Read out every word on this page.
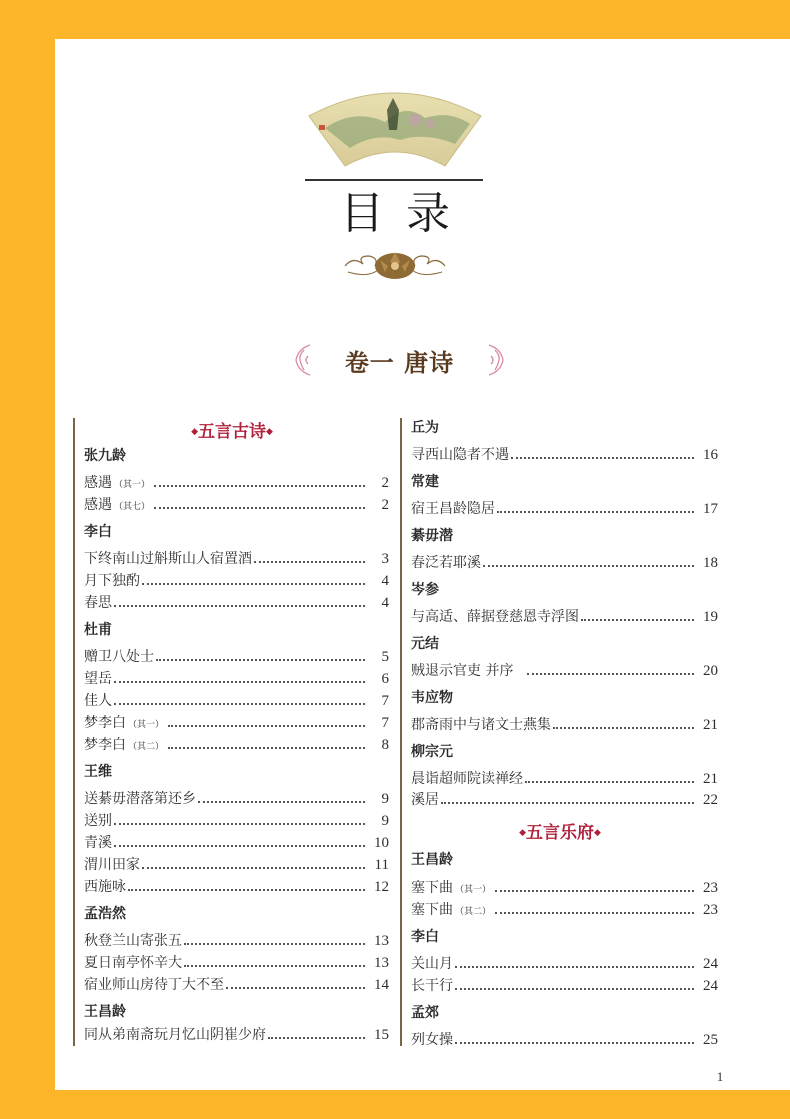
目录
卷一 唐诗
◆五言古诗◆
张九龄
感遇 （其一）	2
感遇 （其七）	2
李白
下终南山过斛斯山人宿置酒	3
月下独酌	4
春思	4
杜甫
赠卫八处士	5
望岳	6
佳人	7
梦李白 （其一）	7
梦李白 （其二）	8
王维
送綦毋潜落第还乡	9
送别	9
青溪	10
渭川田家	11
西施咏	12
孟浩然
秋登兰山寄张五	13
夏日南亭怀辛大	13
宿业师山房待丁大不至	14
王昌龄
同从弟南斋玩月忆山阴崔少府	15
丘为
寻西山隐者不遇	16
常建
宿王昌龄隐居	17
綦毋潜
春泛若耶溪	18
岑参
与高适、薛据登慈恩寺浮图	19
元结
贼退示官吏 并序	20
韦应物
郡斋雨中与诸文士燕集	21
柳宗元
晨诣超师院读禅经	21
溪居	22
◆五言乐府◆
王昌龄
塞下曲 （其一）	23
塞下曲 （其二）	23
李白
关山月	24
长干行	24
孟郊
列女操	25
1
